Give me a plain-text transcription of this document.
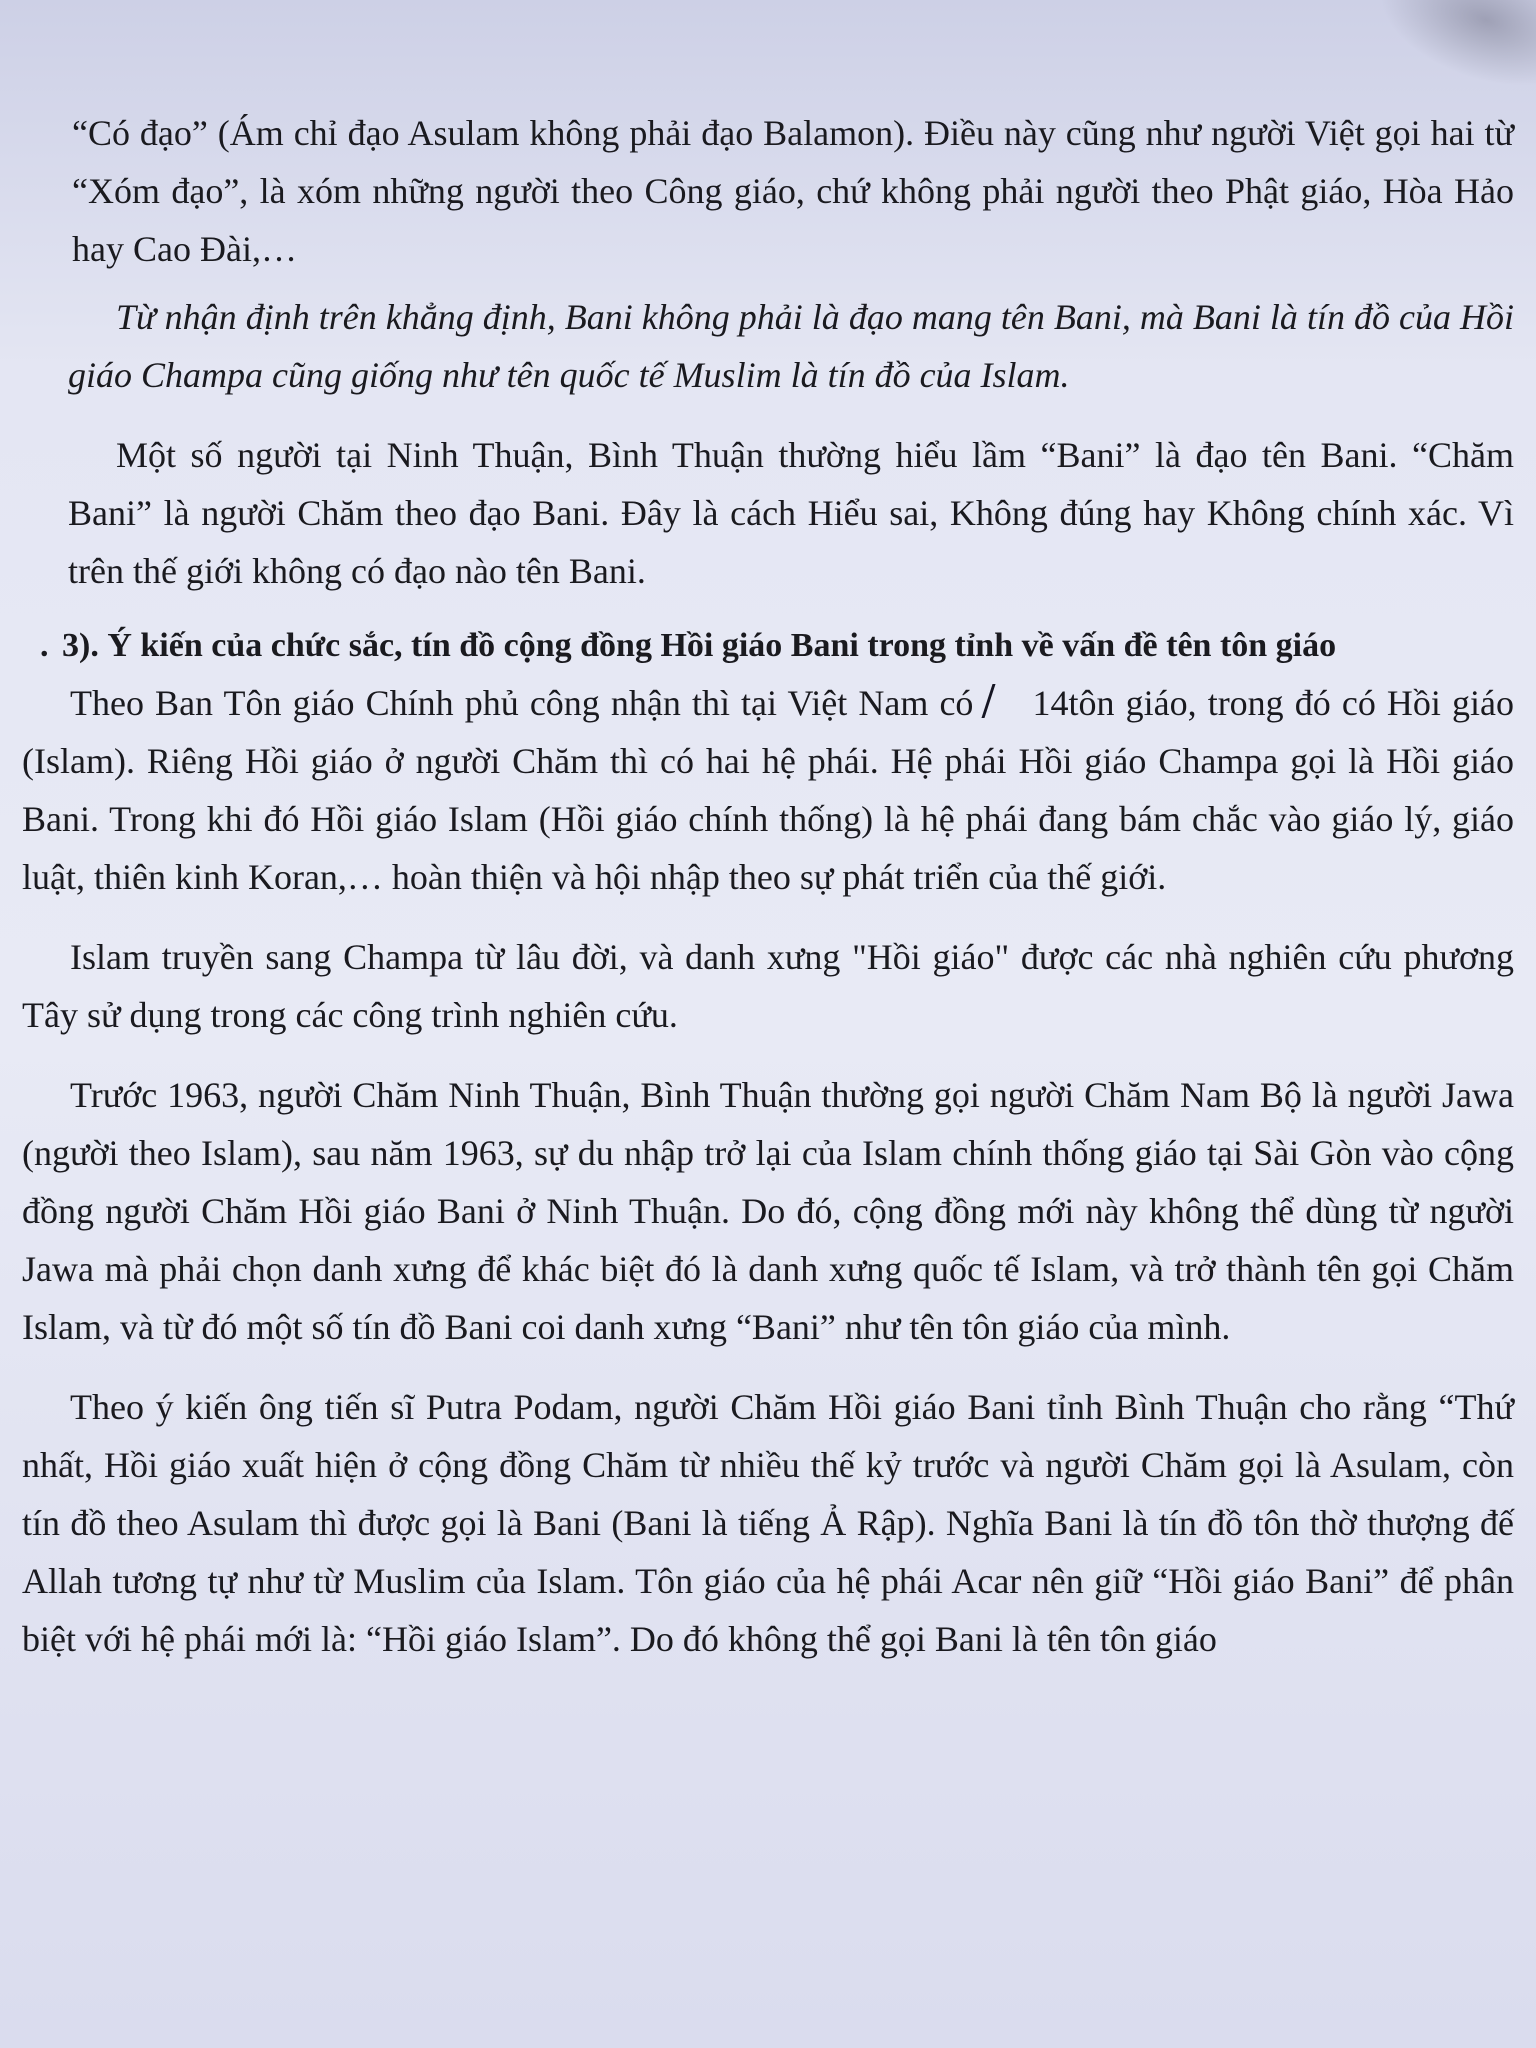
“Có đạo” (Ám chỉ đạo Asulam không phải đạo Balamon). Điều này cũng như người Việt gọi hai từ “Xóm đạo”, là xóm những người theo Công giáo, chứ không phải người theo Phật giáo, Hòa Hảo hay Cao Đài,…

Từ nhận định trên khẳng định, Bani không phải là đạo mang tên Bani, mà Bani là tín đồ của Hồi giáo Champa cũng giống như tên quốc tế Muslim là tín đồ của Islam.

Một số người tại Ninh Thuận, Bình Thuận thường hiểu lầm “Bani” là đạo tên Bani. “Chăm Bani” là người Chăm theo đạo Bani. Đây là cách Hiểu sai, Không đúng hay Không chính xác. Vì trên thế giới không có đạo nào tên Bani.

. 3). Ý kiến của chức sắc, tín đồ cộng đồng Hồi giáo Bani trong tỉnh về vấn đề tên tôn giáo

Theo Ban Tôn giáo Chính phủ công nhận thì tại Việt Nam có 14tôn giáo, trong đó có Hồi giáo (Islam). Riêng Hồi giáo ở người Chăm thì có hai hệ phái. Hệ phái Hồi giáo Champa gọi là Hồi giáo Bani. Trong khi đó Hồi giáo Islam (Hồi giáo chính thống) là hệ phái đang bám chắc vào giáo lý, giáo luật, thiên kinh Koran,… hoàn thiện và hội nhập theo sự phát triển của thế giới.

Islam truyền sang Champa từ lâu đời, và danh xưng "Hồi giáo" được các nhà nghiên cứu phương Tây sử dụng trong các công trình nghiên cứu.

Trước 1963, người Chăm Ninh Thuận, Bình Thuận thường gọi người Chăm Nam Bộ là người Jawa (người theo Islam), sau năm 1963, sự du nhập trở lại của Islam chính thống giáo tại Sài Gòn vào cộng đồng người Chăm Hồi giáo Bani ở Ninh Thuận. Do đó, cộng đồng mới này không thể dùng từ người Jawa mà phải chọn danh xưng để khác biệt đó là danh xưng quốc tế Islam, và trở thành tên gọi Chăm Islam, và từ đó một số tín đồ Bani coi danh xưng “Bani” như tên tôn giáo của mình.

Theo ý kiến ông tiến sĩ Putra Podam, người Chăm Hồi giáo Bani tỉnh Bình Thuận cho rằng “Thứ nhất, Hồi giáo xuất hiện ở cộng đồng Chăm từ nhiều thế kỷ trước và người Chăm gọi là Asulam, còn tín đồ theo Asulam thì được gọi là Bani (Bani là tiếng Ả Rập). Nghĩa Bani là tín đồ tôn thờ thượng đế Allah tương tự như từ Muslim của Islam. Tôn giáo của hệ phái Acar nên giữ “Hồi giáo Bani” để phân biệt với hệ phái mới là: “Hồi giáo Islam”. Do đó không thể gọi Bani là tên tôn giáo
